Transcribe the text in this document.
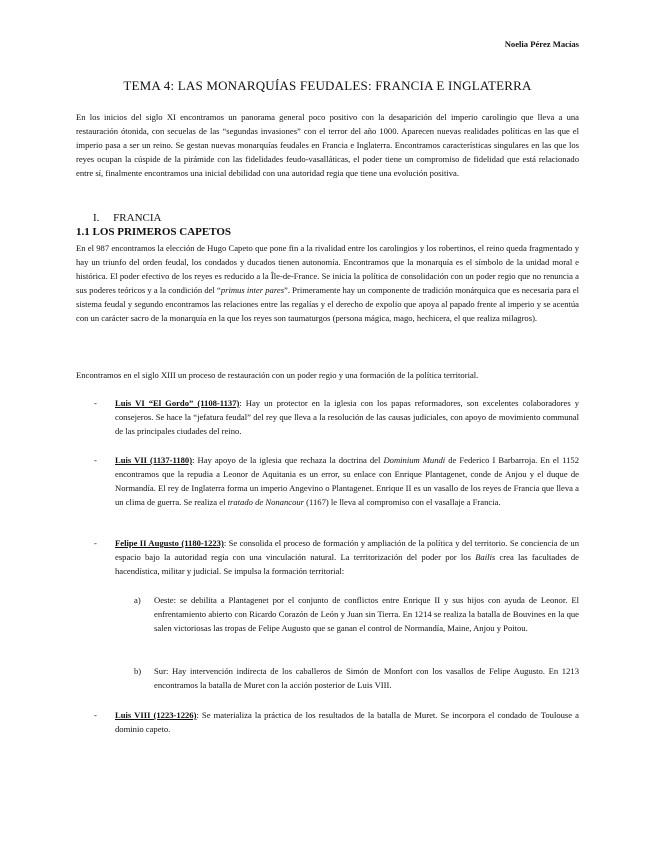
Noelia Pérez Macías
TEMA 4: LAS MONARQUÍAS FEUDALES: FRANCIA E INGLATERRA
En los inicios del siglo XI encontramos un panorama general poco positivo con la desaparición del imperio carolingio que lleva a una restauración ótonida, con secuelas de las “segundas invasiones” con el terror del año 1000. Aparecen nuevas realidades políticas en las que el imperio pasa a ser un reino. Se gestan nuevas monarquías feudales en Francia e Inglaterra. Encontramos características singulares en las que los reyes ocupan la cúspide de la pirámide con las fidelidades feudo-vasalláticas, el poder tiene un compromiso de fidelidad que está relacionado entre sí, finalmente encontramos una inicial debilidad con una autoridad regia que tiene una evolución positiva.
I. FRANCIA
1.1 LOS PRIMEROS CAPETOS
En el 987 encontramos la elección de Hugo Capeto que pone fin a la rivalidad entre los carolingios y los robertinos, el reino queda fragmentado y hay un triunfo del orden feudal, los condados y ducados tienen autonomía. Encontramos que la monarquía es el símbolo de la unidad moral e histórica. El poder efectivo de los reyes es reducido a la Île-de-France. Se inicia la política de consolidación con un poder regio que no renuncia a sus poderes teóricos y a la condición del “primus inter pares”. Primeramente hay un componente de tradición monárquica que es necesaria para el sistema feudal y segundo encontramos las relaciones entre las regalías y el derecho de expolio que apoya al papado frente al imperio y se acentúa con un carácter sacro de la monarquía en la que los reyes son taumaturgos (persona mágica, mago, hechicera, el que realiza milagros).
Encontramos en el siglo XIII un proceso de restauración con un poder regio y una formación de la política territorial.
- Luis VI “El Gordo” (1108-1137): Hay un protector en la iglesia con los papas reformadores, son excelentes colaboradores y consejeros. Se hace la “jefatura feudal” del rey que lleva a la resolución de las causas judiciales, con apoyo de movimiento communal de las principales ciudades del reino.
- Luis VII (1137-1180): Hay apoyo de la iglesia que rechaza la doctrina del Dominium Mundi de Federico I Barbarroja. En el 1152 encontramos que la repudia a Leonor de Aquitania es un error, su enlace con Enrique Plantagenet, conde de Anjou y el duque de Normandía. El rey de Inglaterra forma un imperio Angevino o Plantagenet. Enrique II es un vasallo de los reyes de Francia que lleva a un clima de guerra. Se realiza el tratado de Nonancour (1167) le lleva al compromiso con el vasallaje a Francia.
- Felipe II Augusto (1180-1223): Se consolida el proceso de formación y ampliación de la política y del territorio. Se conciencia de un espacio bajo la autoridad regia con una vinculación natural. La territorización del poder por los Bailis crea las facultades de hacendística, militar y judicial. Se impulsa la formación territorial:
a) Oeste: se debilita a Plantagenet por el conjunto de conflictos entre Enrique II y sus hijos con ayuda de Leonor. El enfrentamiento abierto con Ricardo Corazón de León y Juan sin Tierra. En 1214 se realiza la batalla de Bouvines en la que salen victoriosas las tropas de Felipe Augusto que se ganan el control de Normandía, Maine, Anjou y Poitou.
b) Sur: Hay intervención indirecta de los caballeros de Simón de Monfort con los vasallos de Felipe Augusto. En 1213 encontramos la batalla de Muret con la acción posterior de Luis VIII.
- Luis VIII (1223-1226): Se materializa la práctica de los resultados de la batalla de Muret. Se incorpora el condado de Toulouse a dominio capeto.
